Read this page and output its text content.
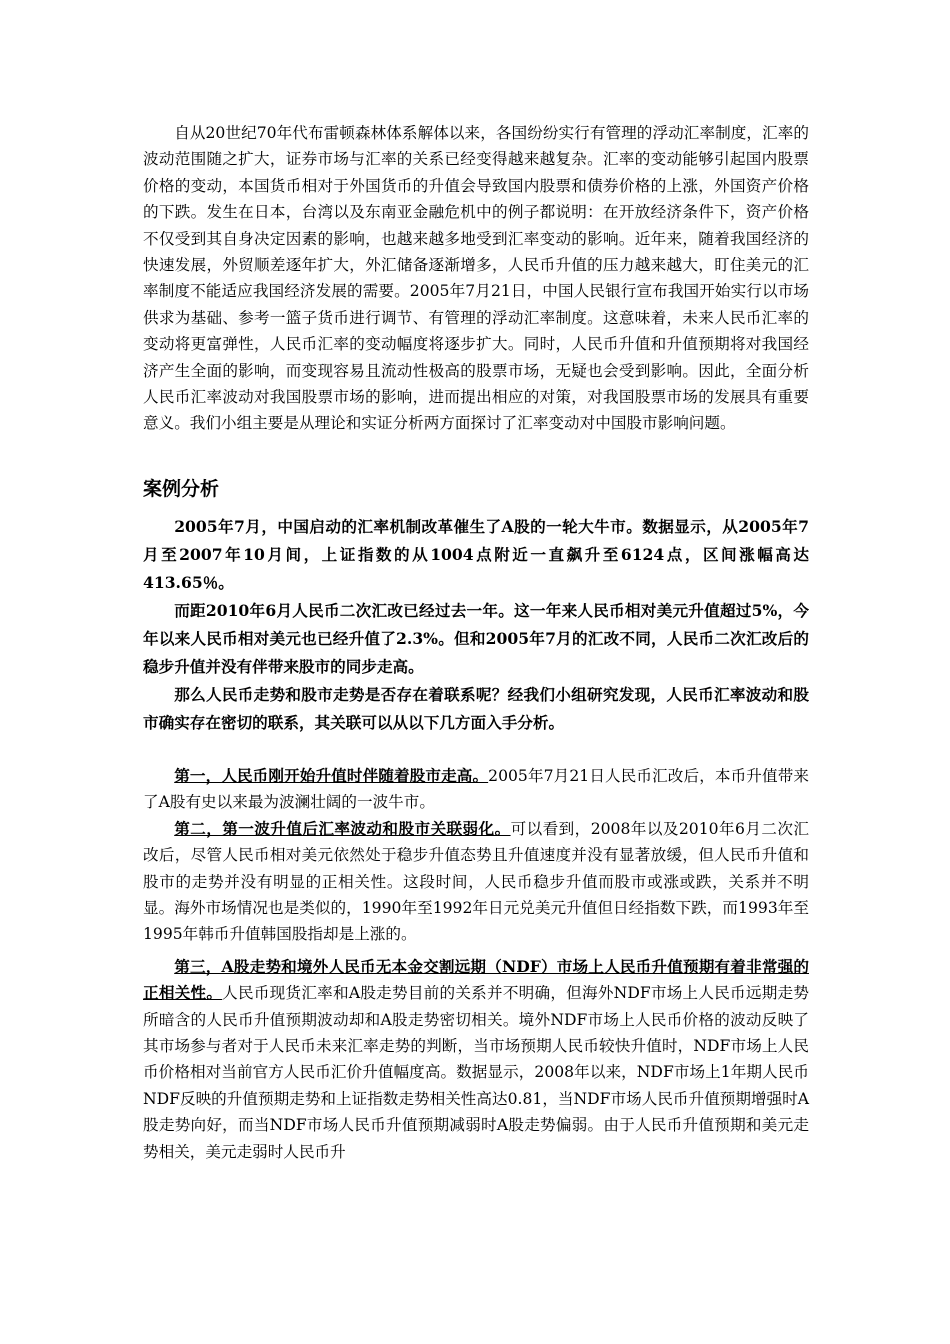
自从20世纪70年代布雷顿森林体系解体以来，各国纷纷实行有管理的浮动汇率制度，汇率的波动范围随之扩大，证券市场与汇率的关系已经变得越来越复杂。汇率的变动能够引起国内股票价格的变动，本国货币相对于外国货币的升值会导致国内股票和债券价格的上涨，外国资产价格的下跌。发生在日本，台湾以及东南亚金融危机中的例子都说明：在开放经济条件下，资产价格不仅受到其自身决定因素的影响，也越来越多地受到汇率变动的影响。近年来，随着我国经济的快速发展，外贸顺差逐年扩大，外汇储备逐渐增多，人民币升值的压力越来越大，盯住美元的汇率制度不能适应我国经济发展的需要。2005年7月21日，中国人民银行宣布我国开始实行以市场供求为基础、参考一篮子货币进行调节、有管理的浮动汇率制度。这意味着，未来人民币汇率的变动将更富弹性，人民币汇率的变动幅度将逐步扩大。同时，人民币升值和升值预期将对我国经济产生全面的影响，而变现容易且流动性极高的股票市场，无疑也会受到影响。因此，全面分析人民币汇率波动对我国股票市场的影响，进而提出相应的对策，对我国股票市场的发展具有重要意义。我们小组主要是从理论和实证分析两方面探讨了汇率变动对中国股市影响问题。

案例分析

2005年7月，中国启动的汇率机制改革催生了A股的一轮大牛市。数据显示，从2005年7月至2007年10月间，上证指数的从1004点附近一直飙升至6124点，区间涨幅高达413.65％。

而距2010年6月人民币二次汇改已经过去一年。这一年来人民币相对美元升值超过5%，今年以来人民币相对美元也已经升值了2.3%。但和2005年7月的汇改不同，人民币二次汇改后的稳步升值并没有伴带来股市的同步走高。

那么人民币走势和股市走势是否存在着联系呢？经我们小组研究发现，人民币汇率波动和股市确实存在密切的联系，其关联可以从以下几方面入手分析。

第一，人民币刚开始升值时伴随着股市走高。2005年7月21日人民币汇改后，本币升值带来了A股有史以来最为波澜壮阔的一波牛市。

第二，第一波升值后汇率波动和股市关联弱化。可以看到，2008年以及2010年6月二次汇改后，尽管人民币相对美元依然处于稳步升值态势且升值速度并没有显著放缓，但人民币升值和股市的走势并没有明显的正相关性。这段时间，人民币稳步升值而股市或涨或跌，关系并不明显。海外市场情况也是类似的，1990年至1992年日元兑美元升值但日经指数下跌，而1993年至1995年韩币升值韩国股指却是上涨的。

第三，A股走势和境外人民币无本金交割远期（NDF）市场上人民币升值预期有着非常强的正相关性。人民币现货汇率和A股走势目前的关系并不明确，但海外NDF市场上人民币远期走势所暗含的人民币升值预期波动却和A股走势密切相关。境外NDF市场上人民币价格的波动反映了其市场参与者对于人民币未来汇率走势的判断，当市场预期人民币较快升值时，NDF市场上人民币价格相对当前官方人民币汇价升值幅度高。数据显示，2008年以来，NDF市场上1年期人民币NDF反映的升值预期走势和上证指数走势相关性高达0.81，当NDF市场人民币升值预期增强时A股走势向好，而当NDF市场人民币升值预期减弱时A股走势偏弱。由于人民币升值预期和美元走势相关，美元走弱时人民币升
